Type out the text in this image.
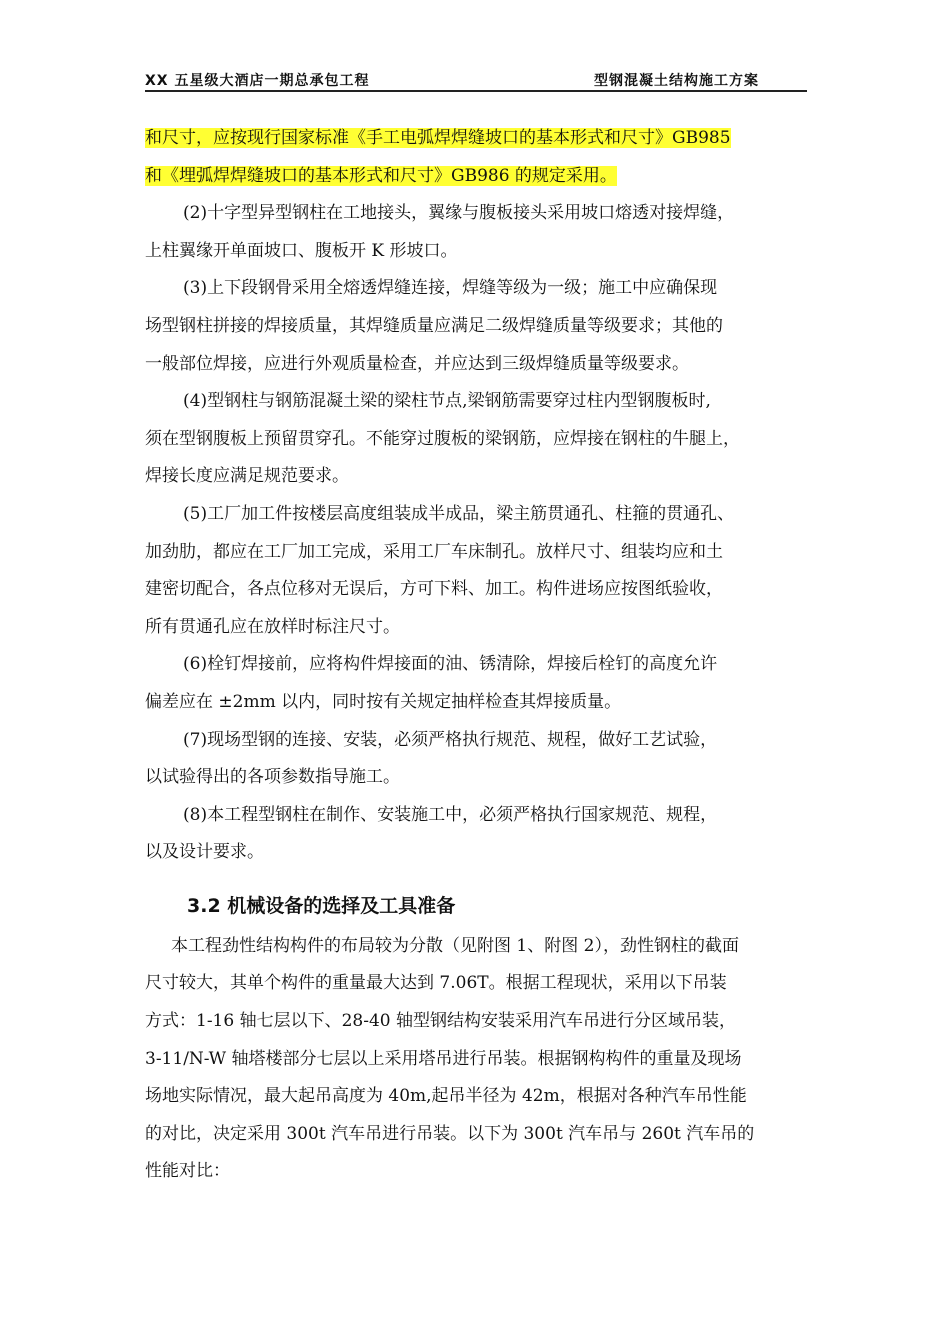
XX 五星级大酒店一期总承包工程	型钢混凝土结构施工方案
和尺寸，应按现行国家标准《手工电弧焊焊缝坡口的基本形式和尺寸》GB985
和《埋弧焊焊缝坡口的基本形式和尺寸》GB986 的规定采用。
(2)十字型异型钢柱在工地接头，翼缘与腹板接头采用坡口熔透对接焊缝，
上柱翼缘开单面坡口、腹板开 K 形坡口。
(3)上下段钢骨采用全熔透焊缝连接，焊缝等级为一级；施工中应确保现
场型钢柱拼接的焊接质量，其焊缝质量应满足二级焊缝质量等级要求；其他的
一般部位焊接，应进行外观质量检查，并应达到三级焊缝质量等级要求。
(4)型钢柱与钢筋混凝土梁的梁柱节点,梁钢筋需要穿过柱内型钢腹板时,
须在型钢腹板上预留贯穿孔。不能穿过腹板的梁钢筋，应焊接在钢柱的牛腿上，
焊接长度应满足规范要求。
(5)工厂加工件按楼层高度组装成半成品，梁主筋贯通孔、柱箍的贯通孔、
加劲肋，都应在工厂加工完成，采用工厂车床制孔。放样尺寸、组装均应和土
建密切配合，各点位移对无误后，方可下料、加工。构件进场应按图纸验收，
所有贯通孔应在放样时标注尺寸。
(6)栓钉焊接前，应将构件焊接面的油、锈清除，焊接后栓钉的高度允许
偏差应在 ±2mm 以内，同时按有关规定抽样检查其焊接质量。
(7)现场型钢的连接、安装，必须严格执行规范、规程，做好工艺试验，
以试验得出的各项参数指导施工。
(8)本工程型钢柱在制作、安装施工中，必须严格执行国家规范、规程，
以及设计要求。
3.2 机械设备的选择及工具准备
本工程劲性结构构件的布局较为分散（见附图 1、附图 2），劲性钢柱的截面
尺寸较大，其单个构件的重量最大达到 7.06T。根据工程现状，采用以下吊装
方式：1-16 轴七层以下、28-40 轴型钢结构安装采用汽车吊进行分区域吊装，
3-11/N-W 轴塔楼部分七层以上采用塔吊进行吊装。根据钢构构件的重量及现场
场地实际情况，最大起吊高度为 40m,起吊半径为 42m，根据对各种汽车吊性能
的对比，决定采用 300t 汽车吊进行吊装。以下为 300t 汽车吊与 260t 汽车吊的
性能对比：
